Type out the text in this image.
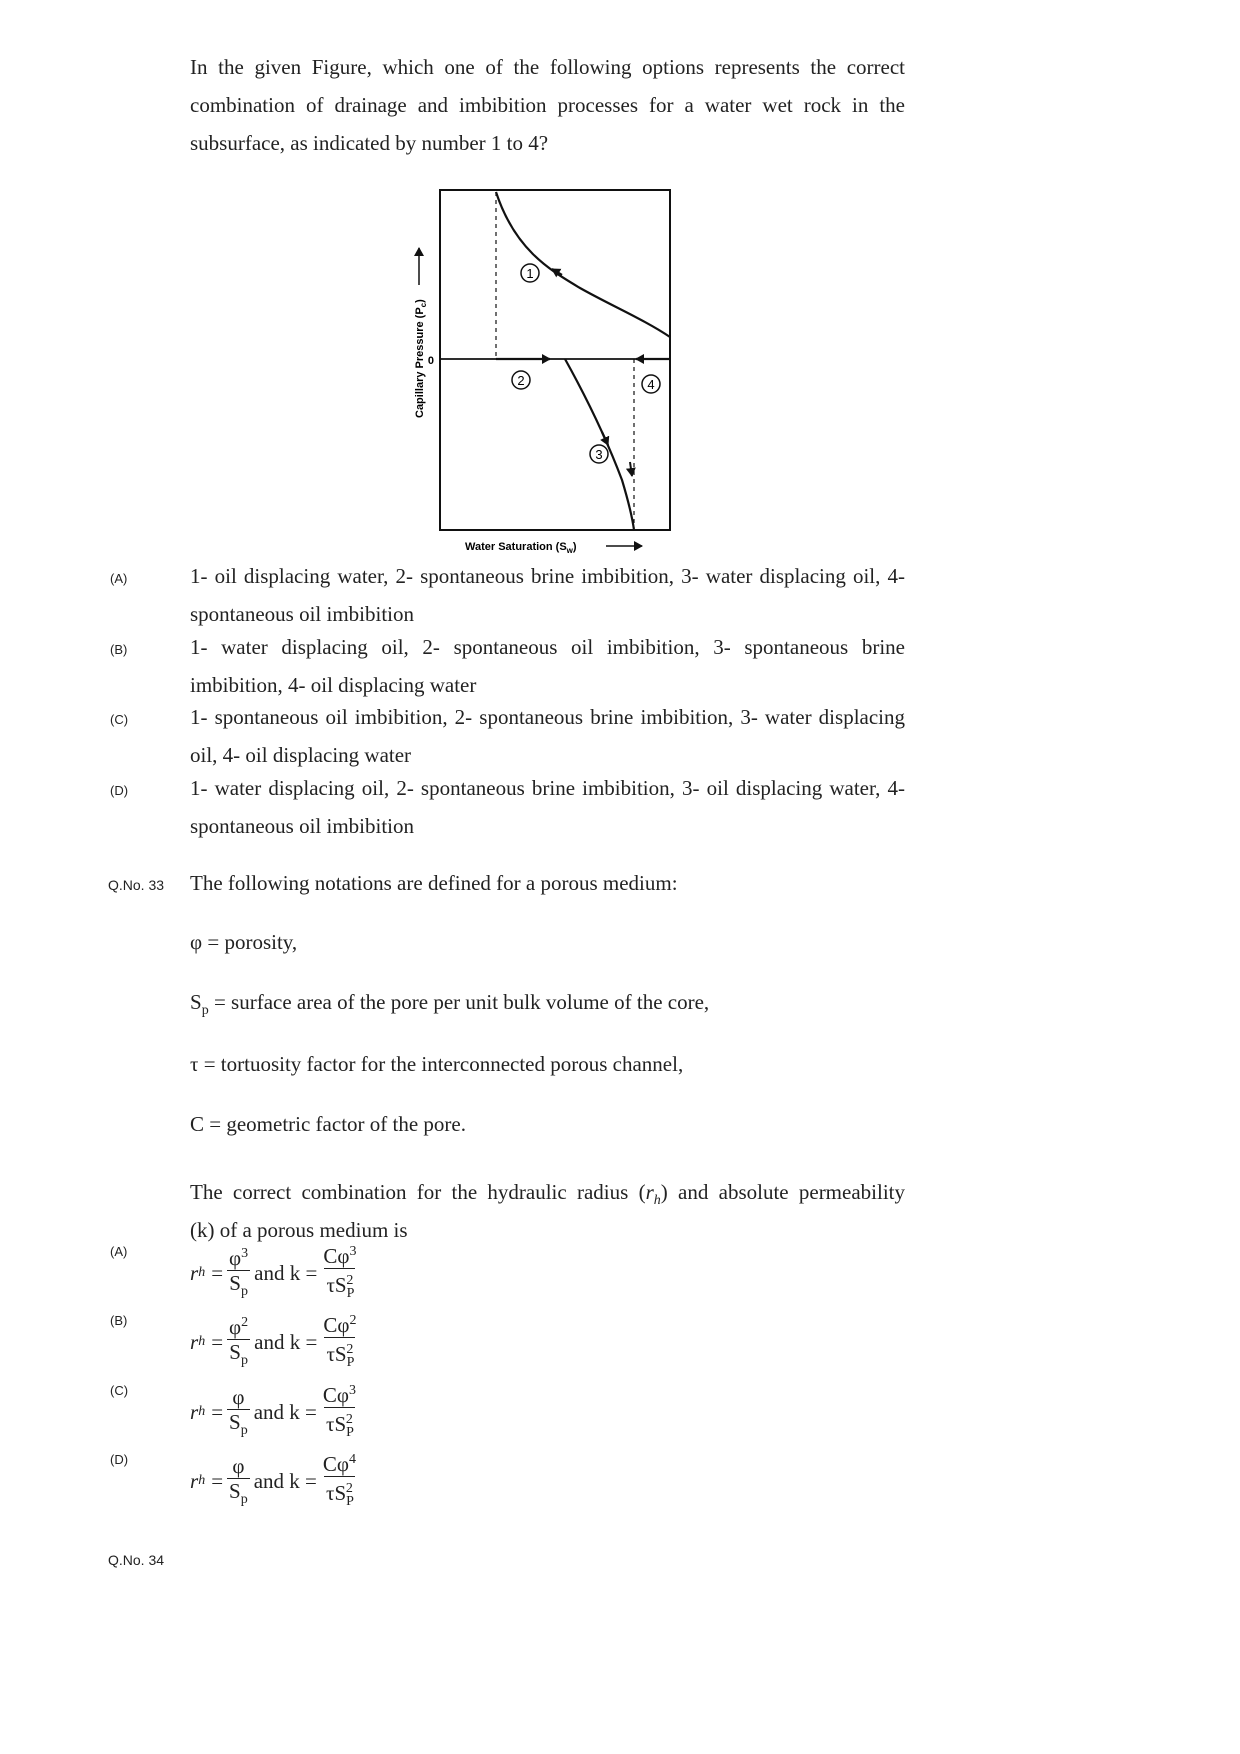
In the given Figure, which one of the following options represents the correct combination of drainage and imbibition processes for a water wet rock in the subsurface, as indicated by number 1 to 4?
1
2
3
4
0
Capillary Pressure $(P_c)$
Water Saturation $(S_w)$
(A)	1- oil displacing water, 2- spontaneous brine imbibition, 3- water displacing oil, 4- spontaneous oil imbibition
(B)	1- water displacing oil, 2- spontaneous oil imbibition, 3- spontaneous brine imbibition, 4- oil displacing water
(C)	1- spontaneous oil imbibition, 2- spontaneous brine imbibition, 3- water displacing oil, 4- oil displacing water
(D)	1- water displacing oil, 2- spontaneous brine imbibition, 3- oil displacing water, 4- spontaneous oil imbibition
Q.No. 33 The following notations are defined for a porous medium:
φ = porosity,
$S_p$ = surface area of the pore per unit bulk volume of the core,
τ = tortuosity factor for the interconnected porous channel,
C = geometric factor of the pore.
The correct combination for the hydraulic radius $(r_h)$ and absolute permeability
(k) of a porous medium is
(A)
r $h = \frac{\varphi^3}{S_p}$ and $k = \frac{C\varphi^3}{\tau S_P^2}$
(B)
r $h = \frac{\varphi^2}{S_p}$ and $k = \frac{C\varphi^2}{\tau S_P^2}$
(C)
r $h = \frac{\varphi}{S_p}$ and $k = \frac{C\varphi^3}{\tau S_P^2}$
(D)
r $h = \frac{\varphi}{S_p}$ and $k = \frac{C\varphi^4}{\tau S_P^2}$
Q.No. 34
